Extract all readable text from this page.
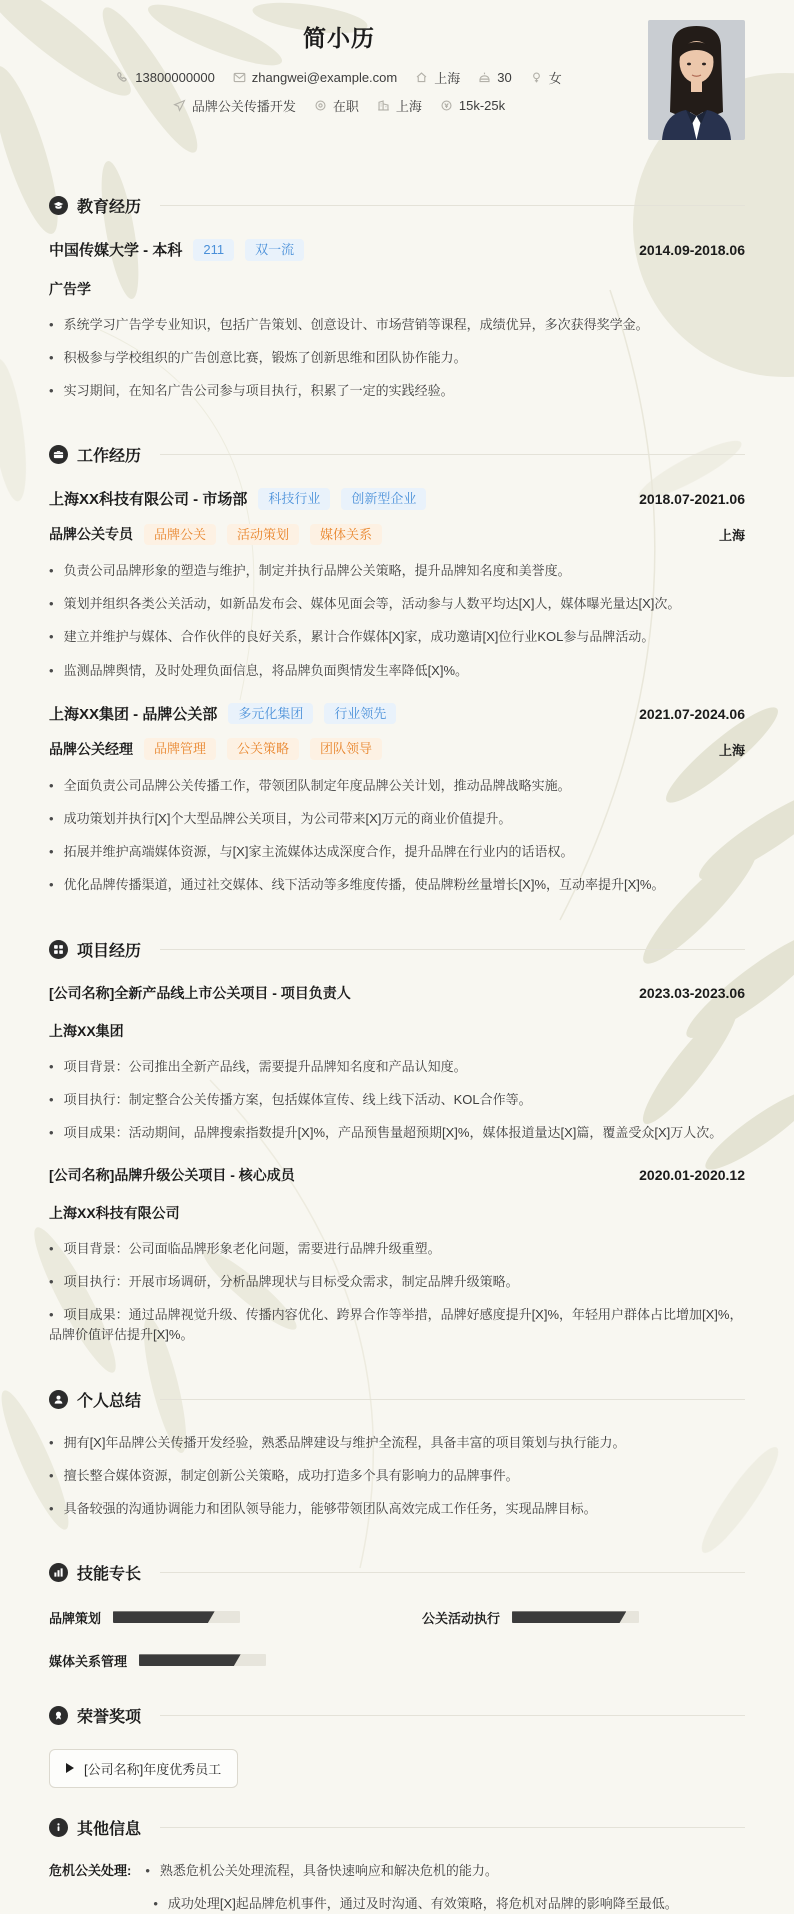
简小历
13800000000	zhangwei@example.com	上海	30	女
品牌公关传播开发	在职	上海	15k-25k
教育经历
中国传媒大学 - 本科	211	双一流	2014.09-2018.06
广告学
• 系统学习广告学专业知识，包括广告策划、创意设计、市场营销等课程，成绩优异，多次获得奖学金。
• 积极参与学校组织的广告创意比赛，锻炼了创新思维和团队协作能力。
• 实习期间，在知名广告公司参与项目执行，积累了一定的实践经验。
工作经历
上海XX科技有限公司 - 市场部	科技行业	创新型企业	2018.07-2021.06
品牌公关专员	品牌公关	活动策划	媒体关系	上海
• 负责公司品牌形象的塑造与维护，制定并执行品牌公关策略，提升品牌知名度和美誉度。
• 策划并组织各类公关活动，如新品发布会、媒体见面会等，活动参与人数平均达[X]人，媒体曝光量达[X]次。
• 建立并维护与媒体、合作伙伴的良好关系，累计合作媒体[X]家，成功邀请[X]位行业KOL参与品牌活动。
• 监测品牌舆情，及时处理负面信息，将品牌负面舆情发生率降低[X]%。
上海XX集团 - 品牌公关部	多元化集团	行业领先	2021.07-2024.06
品牌公关经理	品牌管理	公关策略	团队领导	上海
• 全面负责公司品牌公关传播工作，带领团队制定年度品牌公关计划，推动品牌战略实施。
• 成功策划并执行[X]个大型品牌公关项目，为公司带来[X]万元的商业价值提升。
• 拓展并维护高端媒体资源，与[X]家主流媒体达成深度合作，提升品牌在行业内的话语权。
• 优化品牌传播渠道，通过社交媒体、线下活动等多维度传播，使品牌粉丝量增长[X]%，互动率提升[X]%。
项目经历
[公司名称]全新产品线上市公关项目 - 项目负责人	2023.03-2023.06
上海XX集团
• 项目背景：公司推出全新产品线，需要提升品牌知名度和产品认知度。
• 项目执行：制定整合公关传播方案，包括媒体宣传、线上线下活动、KOL合作等。
• 项目成果：活动期间，品牌搜索指数提升[X]%，产品预售量超预期[X]%，媒体报道量达[X]篇，覆盖受众[X]万人次。
[公司名称]品牌升级公关项目 - 核心成员	2020.01-2020.12
上海XX科技有限公司
• 项目背景：公司面临品牌形象老化问题，需要进行品牌升级重塑。
• 项目执行：开展市场调研，分析品牌现状与目标受众需求，制定品牌升级策略。
• 项目成果：通过品牌视觉升级、传播内容优化、跨界合作等举措，品牌好感度提升[X]%，年轻用户群体占比增加[X]%，品牌价值评估提升[X]%。
个人总结
• 拥有[X]年品牌公关传播开发经验，熟悉品牌建设与维护全流程，具备丰富的项目策划与执行能力。
• 擅长整合媒体资源，制定创新公关策略，成功打造多个具有影响力的品牌事件。
• 具备较强的沟通协调能力和团队领导能力，能够带领团队高效完成工作任务，实现品牌目标。
技能专长
品牌策划	公关活动执行
媒体关系管理
荣誉奖项
[公司名称]年度优秀员工
其他信息
危机公关处理:	• 熟悉危机公关处理流程，具备快速响应和解决危机的能力。
• 成功处理[X]起品牌危机事件，通过及时沟通、有效策略，将危机对品牌的影响降至最低。
